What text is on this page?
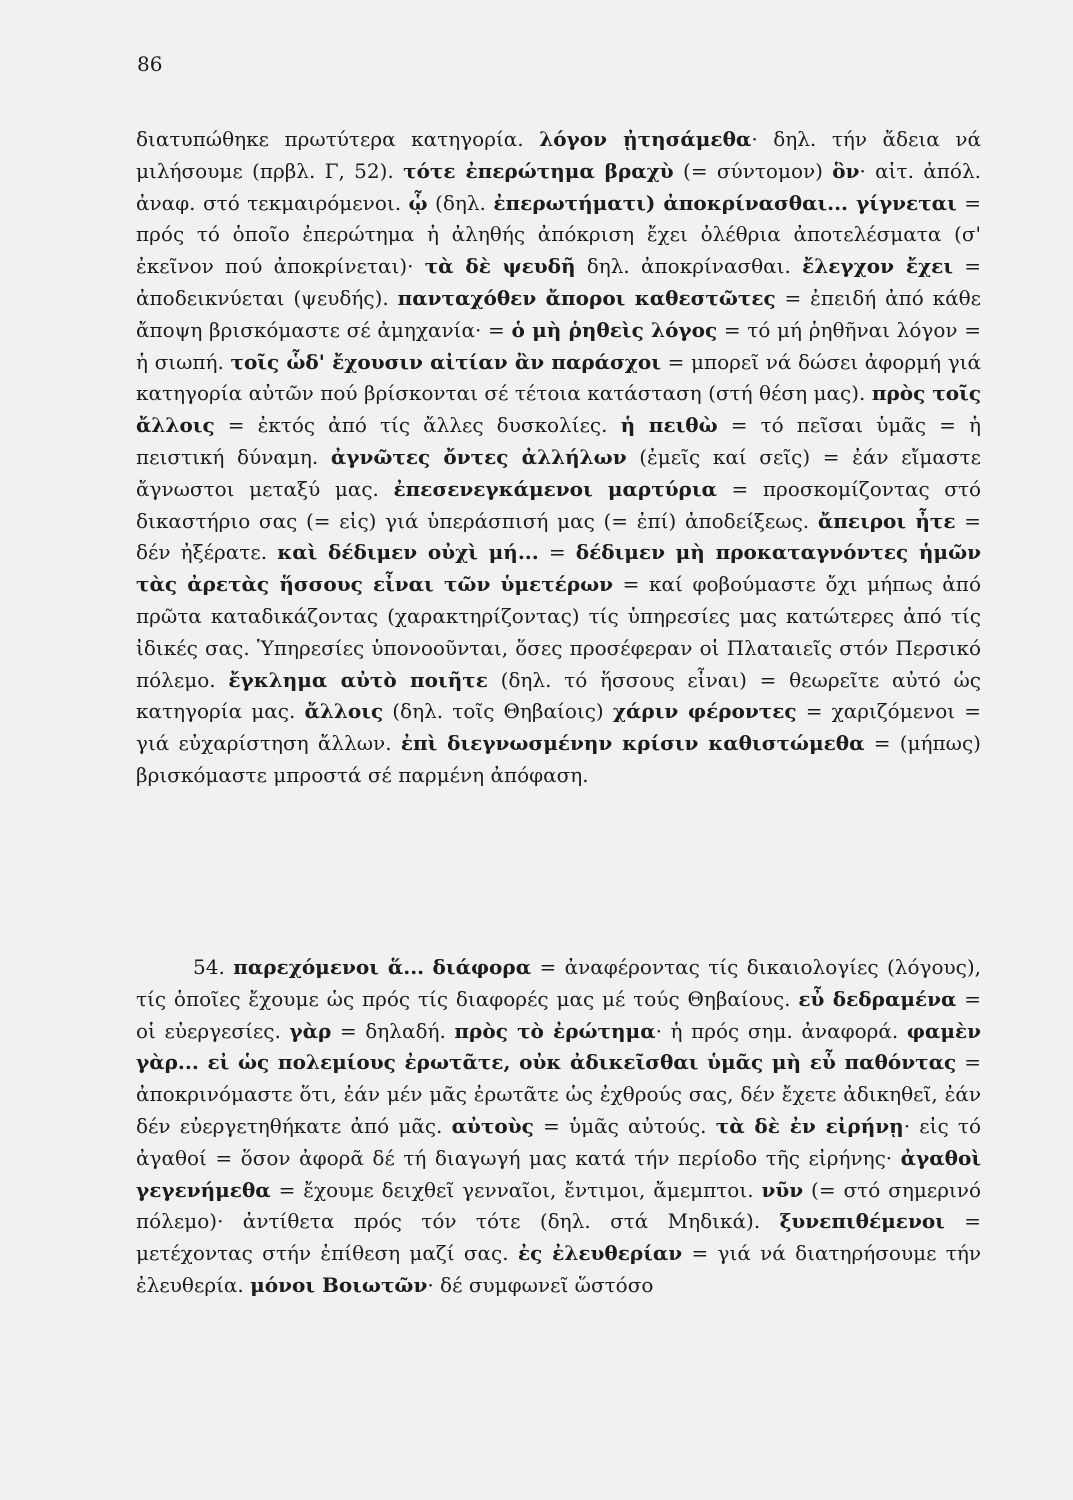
86

διατυπώθηκε πρωτύτερα κατηγορία. λόγον ᾐτησάμεθα· δηλ. τήν ἄδεια νά μιλήσουμε (πρβλ. Γ, 52). τότε ἐπερώτημα βραχὺ (= σύντομον) ὃν· αἰτ. ἀπόλ. ἀναφ. στό τεκμαιρόμενοι. ᾧ (δηλ. ἐπερωτήματι) ἀποκρίνασθαι... γίγνεται = πρός τό ὁποῖο ἐπερώτημα ἡ ἀληθής ἀπόκριση ἔχει ὀλέθρια ἀποτελέσματα (σ' ἐκεῖνον πού ἀποκρίνεται)· τὰ δὲ ψευδῆ δηλ. ἀποκρίνασθαι. ἔλεγχον ἔχει = ἀποδεικνύεται (ψευδής). πανταχόθεν ἄποροι καθεστῶτες = ἐπειδή ἀπό κάθε ἄποψη βρισκόμαστε σέ ἀμηχανία· = ὁ μὴ ῥηθεὶς λόγος = τό μή ῥηθῆναι λόγον = ἡ σιωπή. τοῖς ὧδ' ἔχουσιν αἰτίαν ἂν παράσχοι = μπορεῖ νά δώσει ἀφορμή γιά κατηγορία αὐτῶν πού βρίσκονται σέ τέτοια κατάσταση (στή θέση μας). πρὸς τοῖς ἄλλοις = ἐκτός ἀπό τίς ἄλλες δυσκολίες. ἡ πειθὼ = τό πεῖσαι ὑμᾶς = ἡ πειστική δύναμη. ἀγνῶτες ὄντες ἀλλήλων (ἐμεῖς καί σεῖς) = ἐάν εἴμαστε ἄγνωστοι μεταξύ μας. ἐπεσενεγκάμενοι μαρτύρια = προσκομίζοντας στό δικαστήριο σας (= εἰς) γιά ὑπεράσπισή μας (= ἐπί) ἀποδείξεως. ἄπειροι ἦτε = δέν ἠξέρατε. καὶ δέδιμεν οὐχὶ μή... = δέδιμεν μὴ προκαταγνόντες ἡμῶν τὰς ἀρετὰς ἥσσους εἶναι τῶν ὑμετέρων = καί φοβούμαστε ὄχι μήπως ἀπό πρῶτα καταδικάζοντας (χαρακτηρίζοντας) τίς ὑπηρεσίες μας κατώτερες ἀπό τίς ἰδικές σας. Ὑπηρεσίες ὑπονοοῦνται, ὅσες προσέφεραν οἱ Πλαταιεῖς στόν Περσικό πόλεμο. ἔγκλημα αὐτὸ ποιῆτε (δηλ. τό ἥσσους εἶναι) = θεωρεῖτε αὐτό ὡς κατηγορία μας. ἄλλοις (δηλ. τοῖς Θηβαίοις) χάριν φέροντες = χαριζόμενοι = γιά εὐχαρίστηση ἄλλων. ἐπὶ διεγνωσμένην κρίσιν καθιστώμεθα = (μήπως) βρισκόμαστε μπροστά σέ παρμένη ἀπόφαση.

54. παρεχόμενοι ἅ... διάφορα = ἀναφέροντας τίς δικαιολογίες (λόγους), τίς ὁποῖες ἔχουμε ὡς πρός τίς διαφορές μας μέ τούς Θηβαίους. εὖ δεδραμένα = οἱ εὐεργεσίες. γὰρ = δηλαδή. πρὸς τὸ ἐρώτημα· ἡ πρός σημ. ἀναφορά. φαμὲν γὰρ... εἰ ὡς πολεμίους ἐρωτᾶτε, οὐκ ἀδικεῖσθαι ὑμᾶς μὴ εὖ παθόντας = ἀποκρινόμαστε ὅτι, ἐάν μέν μᾶς ἐρωτᾶτε ὡς ἐχθρούς σας, δέν ἔχετε ἀδικηθεῖ, ἐάν δέν εὐεργετηθήκατε ἀπό μᾶς. αὐτοὺς = ὑμᾶς αὐτούς. τὰ δὲ ἐν εἰρήνῃ· εἰς τό ἀγαθοί = ὅσον ἀφορᾶ δέ τή διαγωγή μας κατά τήν περίοδο τῆς εἰρήνης· ἀγαθοὶ γεγενήμεθα = ἔχουμε δειχθεῖ γενναῖοι, ἔντιμοι, ἄμεμπτοι. νῦν (= στό σημερινό πόλεμο)· ἀντίθετα πρός τόν τότε (δηλ. στά Μηδικά). ξυνεπιθέμενοι = μετέχοντας στήν ἐπίθεση μαζί σας. ἐς ἐλευθερίαν = γιά νά διατηρήσουμε τήν ἐλευθερία. μόνοι Βοιωτῶν· δέ συμφωνεῖ ὥστόσο
